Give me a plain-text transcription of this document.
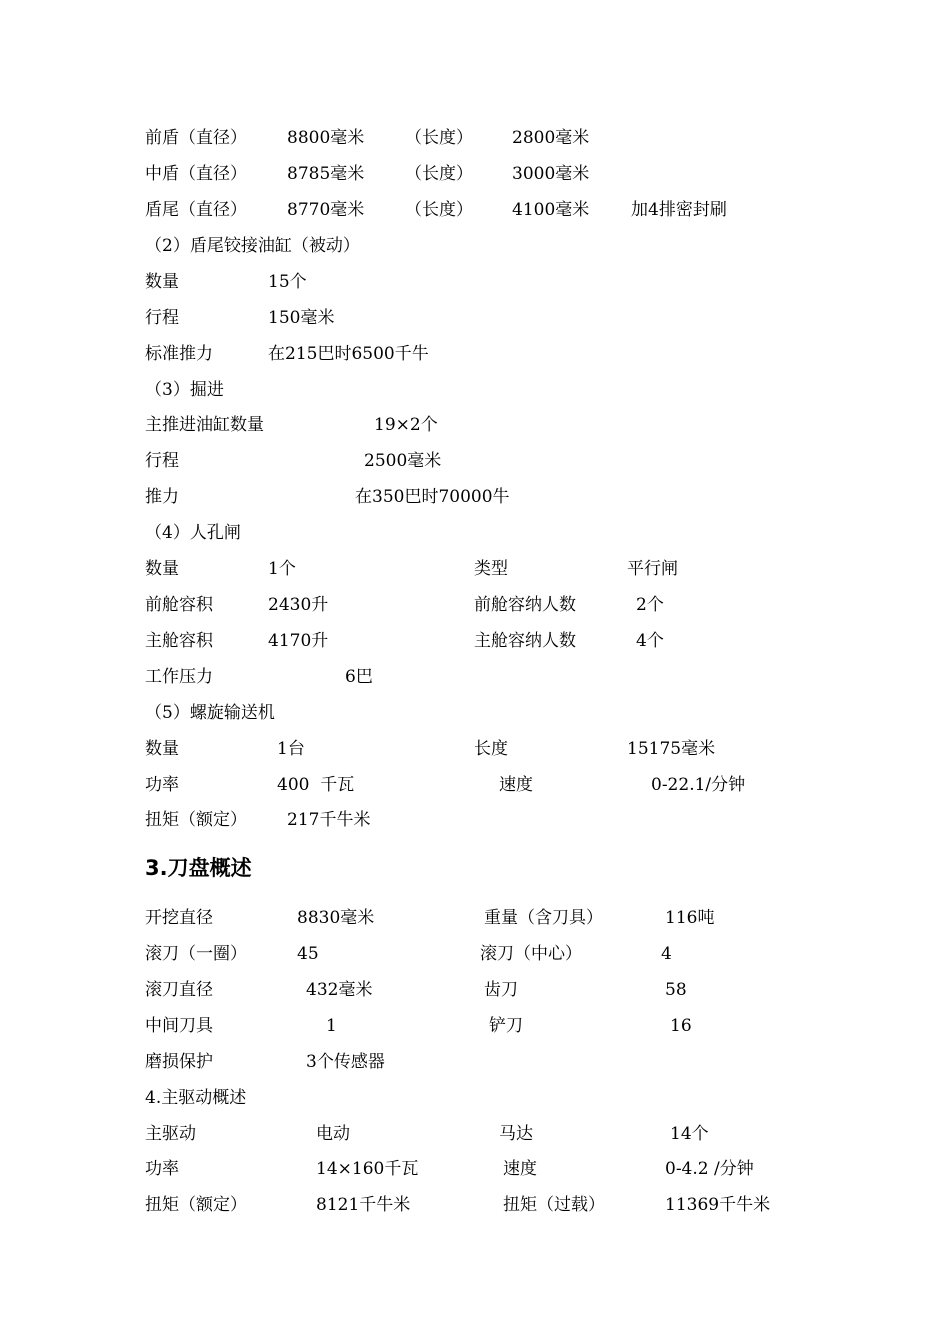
前盾（直径） 8800毫米 （长度） 2800毫米
中盾（直径） 8785毫米 （长度） 3000毫米
盾尾（直径） 8770毫米 （长度） 4100毫米 加4排密封刷
（2）盾尾铰接油缸（被动）
数量	15个
行程	150毫米
标准推力	在215巴时6500千牛
（3）掘进
主推进油缸数量	19×2个
行程	2500毫米
推力	在350巴时70000牛
（4）人孔闸
数量	1个	类型	平行闸
前舱容积	2430升	前舱容纳人数	2个
主舱容积	4170升	主舱容纳人数	4个
工作压力	6巴
（5）螺旋输送机
数量	1台	长度	15175毫米
功率	400  千瓦	速度	0-22.1/分钟
扭矩（额定） 217千牛米
3.刀盘概述
开挖直径	8830毫米	重量（含刀具）	116吨
滚刀（一圈）	45	滚刀（中心）	4
滚刀直径	432毫米	齿刀	58
中间刀具	1	铲刀	16
磨损保护	3个传感器
4.主驱动概述
主驱动	电动	马达	14个
功率	14×160千瓦	速度	0-4.2 /分钟
扭矩（额定）	8121千牛米	扭矩（过载）	11369千牛米
